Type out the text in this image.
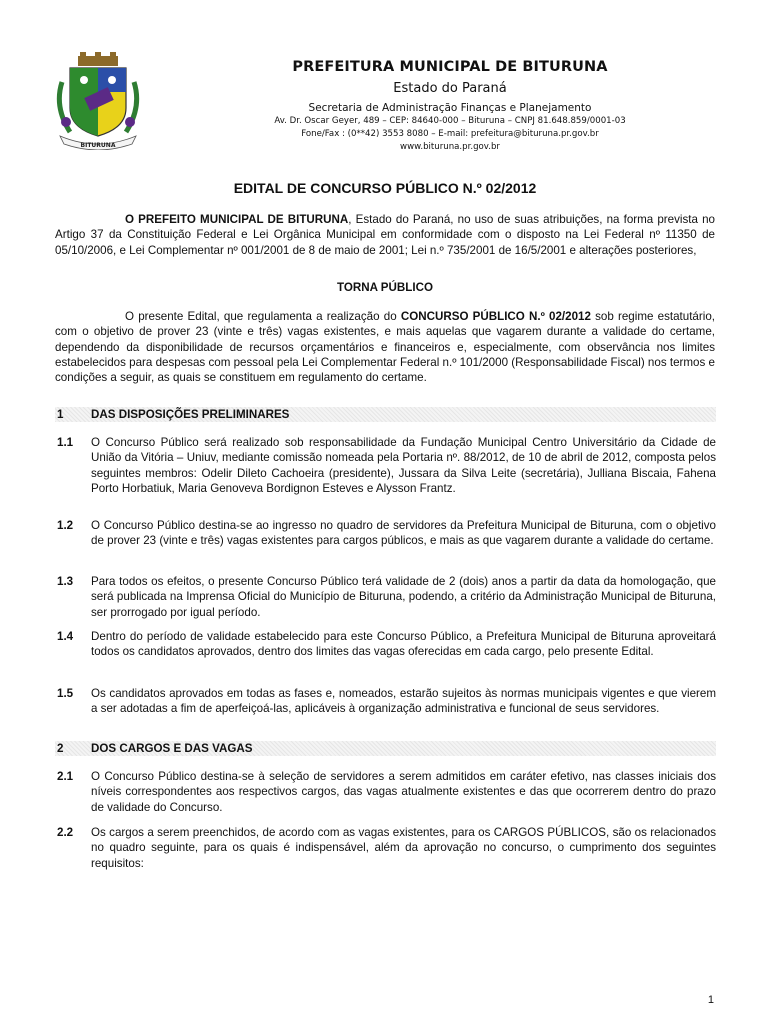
BITURUNA

PREFEITURA MUNICIPAL DE BITURUNA

Estado do Paraná

Secretaria de Administração Finanças e Planejamento

Av. Dr. Oscar Geyer, 489 – CEP: 84640-000 – Bituruna – CNPJ 81.648.859/0001-03

Fone/Fax : (0**42) 3553 8080 – E-mail: prefeitura@bituruna.pr.gov.br

www.bituruna.pr.gov.br

EDITAL DE CONCURSO PÚBLICO N.º 02/2012

O PREFEITO MUNICIPAL DE BITURUNA, Estado do Paraná, no uso de suas atribuições, na forma prevista no Artigo 37 da Constituição Federal e Lei Orgânica Municipal em conformidade com o disposto na Lei Federal nº 11350 de 05/10/2006, e Lei Complementar nº 001/2001 de 8 de maio de 2001; Lei n.º 735/2001 de 16/5/2001 e alterações posteriores,

TORNA PÚBLICO

O presente Edital, que regulamenta a realização do CONCURSO PÚBLICO N.º 02/2012 sob regime estatutário, com o objetivo de prover 23 (vinte e três) vagas existentes, e mais aquelas que vagarem durante a validade do certame, dependendo da disponibilidade de recursos orçamentários e financeiros e, especialmente, com observância nos limites estabelecidos para despesas com pessoal pela Lei Complementar Federal n.º 101/2000 (Responsabilidade Fiscal) nos termos e condições a seguir, as quais se constituem em regulamento do certame.

1 DAS DISPOSIÇÕES PRELIMINARES
1.1 O Concurso Público será realizado sob responsabilidade da Fundação Municipal Centro Universitário da Cidade de União da Vitória – Uniuv, mediante comissão nomeada pela Portaria nº. 88/2012, de 10 de abril de 2012, composta pelos seguintes membros: Odelir Dileto Cachoeira (presidente), Jussara da Silva Leite (secretária), Julliana Biscaia, Fahena Porto Horbatiuk, Maria Genoveva Bordignon Esteves e Alysson Frantz.
1.2 O Concurso Público destina-se ao ingresso no quadro de servidores da Prefeitura Municipal de Bituruna, com o objetivo de prover 23 (vinte e três) vagas existentes para cargos públicos, e mais as que vagarem durante a validade do certame.
1.3 Para todos os efeitos, o presente Concurso Público terá validade de 2 (dois) anos a partir da data da homologação, que será publicada na Imprensa Oficial do Município de Bituruna, podendo, a critério da Administração Municipal de Bituruna, ser prorrogado por igual período.
1.4 Dentro do período de validade estabelecido para este Concurso Público, a Prefeitura Municipal de Bituruna aproveitará todos os candidatos aprovados, dentro dos limites das vagas oferecidas em cada cargo, pelo presente Edital.
1.5 Os candidatos aprovados em todas as fases e, nomeados, estarão sujeitos às normas municipais vigentes e que vierem a ser adotadas a fim de aperfeiçoá-las, aplicáveis à organização administrativa e funcional de seus servidores.
2 DOS CARGOS E DAS VAGAS
2.1 O Concurso Público destina-se à seleção de servidores a serem admitidos em caráter efetivo, nas classes iniciais dos níveis correspondentes aos respectivos cargos, das vagas atualmente existentes e das que ocorrerem dentro do prazo de validade do Concurso.
2.2 Os cargos a serem preenchidos, de acordo com as vagas existentes, para os CARGOS PÚBLICOS, são os relacionados no quadro seguinte, para os quais é indispensável, além da aprovação no concurso, o cumprimento dos seguintes requisitos:
1
